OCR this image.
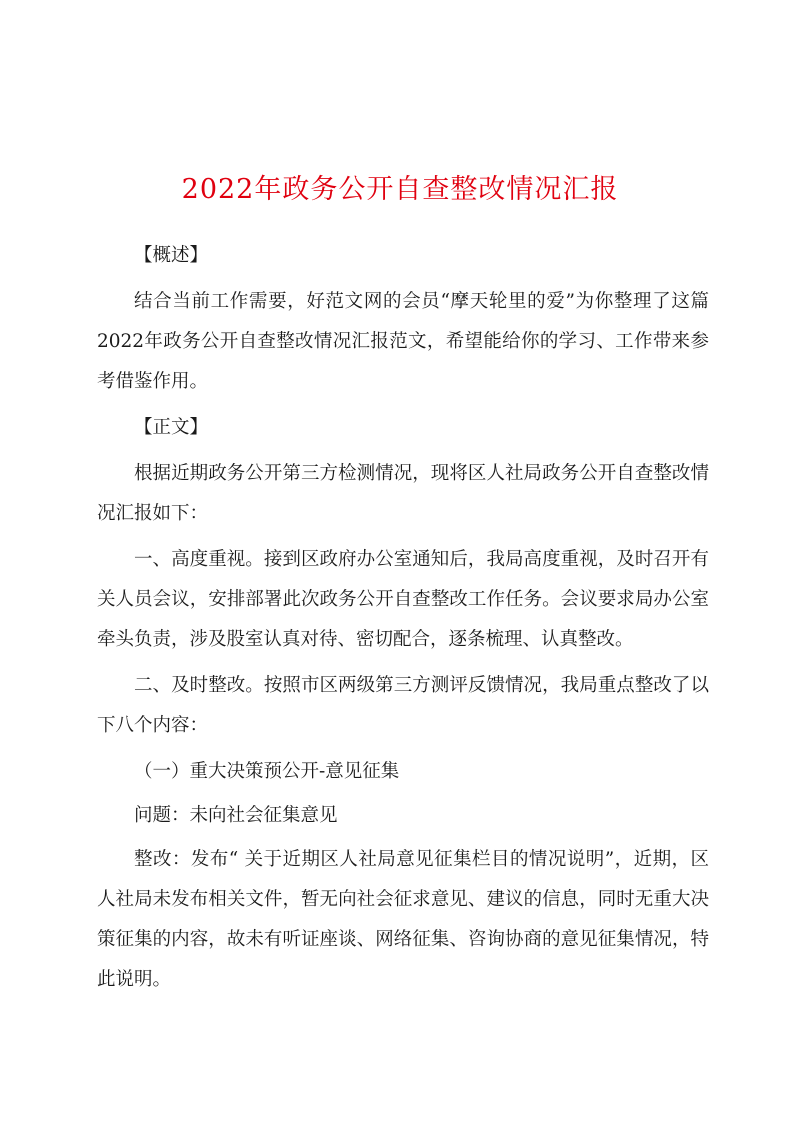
2022年政务公开自查整改情况汇报

【概述】

结合当前工作需要，好范文网的会员“摩天轮里的爱”为你整理了这篇2022年政务公开自查整改情况汇报范文，希望能给你的学习、工作带来参考借鉴作用。

【正文】

根据近期政务公开第三方检测情况，现将区人社局政务公开自查整改情况汇报如下：

一、高度重视。接到区政府办公室通知后，我局高度重视，及时召开有关人员会议，安排部署此次政务公开自查整改工作任务。会议要求局办公室牵头负责，涉及股室认真对待、密切配合，逐条梳理、认真整改。

二、及时整改。按照市区两级第三方测评反馈情况，我局重点整改了以下八个内容：

（一）重大决策预公开-意见征集

问题：未向社会征集意见

整改：发布“ 关于近期区人社局意见征集栏目的情况说明”，近期，区人社局未发布相关文件，暂无向社会征求意见、建议的信息，同时无重大决策征集的内容，故未有听证座谈、网络征集、咨询协商的意见征集情况，特此说明。
